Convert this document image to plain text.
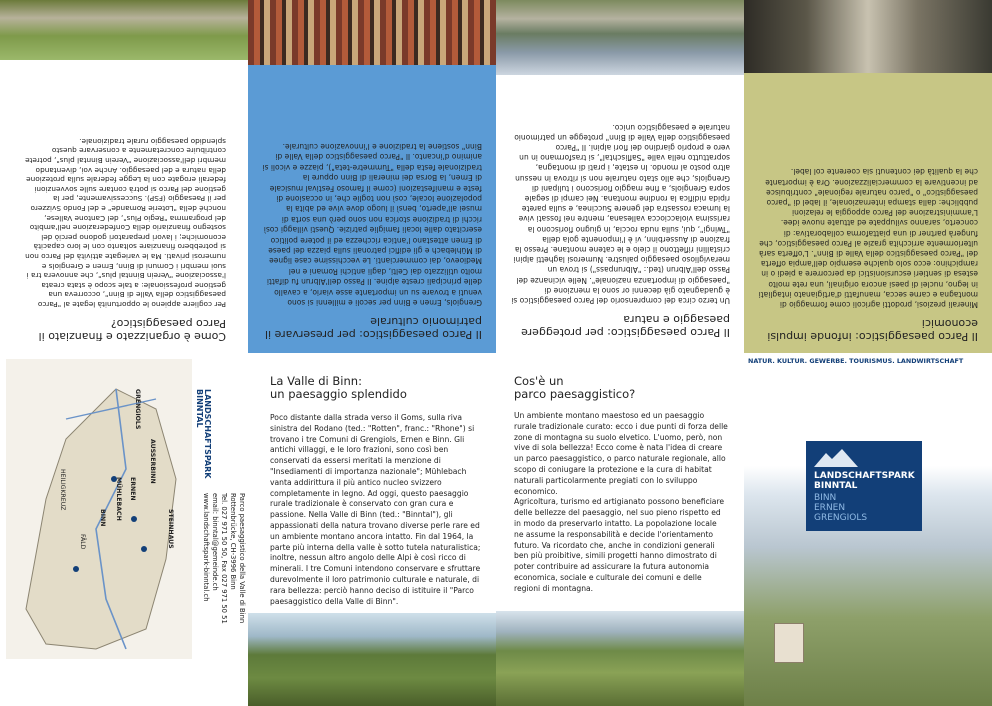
Come è organizzato e finanziato il Parco paesaggistico?
Per cogliere appieno le opportunità legate al "Parco paesaggistico della Valle di Binn", occorreva una gestione professionale: a tale scopo è stata creata l'associazione "Verein Binntal plus", che annovera tra i suoi membri i Comuni di Binn, Ernen e Grengiols e numerosi privati. Ma le variegate attività del Parco non si potrebbero finanziare soltanto con le loro capacità economiche; i lavori preparatori godono perciò del sostegno finanziario della Confederazione nell'ambito del programma "Regio Plus", del Cantone Vallese, nonché della "Loterie Romande" e del Fondo Svizzero per il Paesaggio (FSP). Successivamente, per la gestione del Parco si potrà contare sulle sovvenzioni federali erogate con la Legge federale sulla protezione della natura e del paesaggio. Anche voi, diventando membri dell'associazione "Verein Binntal plus", potrete contribuire concretamente a conservare questo splendido paesaggio rurale tradizionale.
LANDSCHAFTSPARK BINNTAL
GRENGIOLS
ERNEN
MÜHLEBACH
STEINHAUS
BINN
FÄLD
HEILIGKREUZ
AUSSERBINN
Parco paesaggistico della Valle di Binn
Rottenbrücke, CH-3996 Binn
Tel. 027 971 50 50, Fax 027 971 50 51
email: binntal@gemeinde.ch
www.landschaftspark-binntal.ch
Il Parco paesaggistico: per preservare il patrimonio culturale
Grengiols, Ernen e Binn per secoli e millenni si sono venuti a trovare su un importante asse viario, a cavallo delle principali creste alpine. Il Passo dell'Albrun fu difatti molto utilizzato dai Celti, dagli antichi Romani e nel Medioevo, dai commercianti. Le vecchissime case lignee di Mühlebach e gli edifici patronali sulla piazza del paese di Ernen attestano l'antica ricchezza ed il potere politico esercitato dalle locali famiglie patrizie. Questi villaggi così ricchi di tradizione storica non sono però una sorta di musei all'aperto, bensì il luogo dove vive ed abita la popolazione locale, così non toglie che, in occasione di feste e manifestazioni (come il famoso Festival musicale di Ernen, la Borsa dei minerali di Binn oppure la tradizionale festa della "Tummetre-teta"), piazze e vicoli si animino d'incanto. Il "Parco paesaggistico della Valle di Binn" sostiene la tradizione e l'innovazione culturale.
La Valle di Binn:
un paesaggio splendido
Poco distante dalla strada verso il Goms, sulla riva sinistra del Rodano (ted.: "Rotten", franc.: "Rhone") si trovano i tre Comuni di Grengiols, Ernen e Binn. Gli antichi villaggi, e le loro frazioni, sono così ben conservati da essersi meritati la menzione di "Insediamenti di importanza nazionale"; Mühlebach vanta addirittura il più antico nucleo svizzero completamente in legno. Ad oggi, questo paesaggio rurale tradizionale è conservato con gran cura e passione. Nella Valle di Binn (ted.: "Binntal"), gli appassionati della natura trovano diverse perle rare ed un ambiente montano ancora intatto. Fin dal 1964, la parte più interna della valle è sotto tutela naturalistica; inoltre, nessun altro angolo delle Alpi è così ricco di minerali. I tre Comuni intendono conservare e sfruttare durevolmente il loro patrimonio culturale e naturale, di rara bellezza: perciò hanno deciso di istituire il "Parco paesaggistico della Valle di Binn".
Il Parco paesaggistico: per proteggere paesaggio e natura
Un terzo circa del comprensorio del Parco paesaggistico si è guadagnato già decenni or sono la menzione di "paesaggio di importanza nazionale". Nelle vicinanze del Passo dell'Albrun (ted.: "Albrunpass") si trova un meraviglioso paesaggio palustre. Numerosi laghetti alpini cristallini riflettono il cielo e le catene montane. Presso la frazione di Ausserbinn, vi è l'imponente gola della "Twingi", qui, sulla nuda roccia, in giugno fioriscono la rarissima violacciocca vallesana, mentre nei fossati vive la lumaca rossastra del genere Succinea, e sulla parete ripida nidifica la rondine montana. Nei campi di segale sopra Grengiols, a fine maggio fioriscono i tulipani di Grengiols, che allo stato naturale non si ritrova in nessun altro posto al mondo. In estate, i prati di montagna, soprattutto nella valle "Saflischtal", si trasformano in un vero e proprio giardino dei fiori alpini. Il "Parco paesaggistico della Valle di Binn" protegge un patrimonio naturale e paesaggistico unico.
Cos'è un
parco paesaggistico?
Un ambiente montano maestoso ed un paesaggio rurale tradizionale curato: ecco i due punti di forza delle zone di montagna su suolo elvetico. L'uomo, però, non vive di sola bellezza! Ecco come è nata l'idea di creare un parco paesaggistico, o parco naturale regionale, allo scopo di coniugare la protezione e la cura di habitat naturali particolarmente pregiati con lo sviluppo economico.
Agricoltura, turismo ed artigianato possono beneficiare delle bellezze del paesaggio, nel suo pieno rispetto ed in modo da preservarlo intatto. La popolazione locale ne assume la responsabilità e decide l'orientamento futuro. Va ricordato che, anche in condizioni generali ben più proibitive, simili progetti hanno dimostrato di poter contribuire ad assicurare la futura autonomia economica, sociale e culturale dei comuni e delle regioni di montagna.
Il Parco paesaggistico: infonde impulsi economici
Minerali preziosi, prodotti agricoli come formaggio di montagna e carne secca, manufatti d'artigianato intagliati in legno, nuclei di paesi ancora originali, una rete molto estesa di sentieri escursionistici da percorrere a piedi o in rampichino: ecco solo qualche esempio dell'ampia offerta del "Parco paesaggistico della Valle di Binn". L'offerta sarà ulteriormente arricchita grazie al Parco paesaggistico, che fungerà partner di una piattaforma collaborativa: di concerto, saranno sviluppate ed attuate nuove idee. L'amministrazione del Parco appoggia le relazioni pubbliche: dalla stampa internazionale, il label di "parco paesaggistico" o "parco naturale regionale" contribuisce ad incentivare la commercializzazione. Ora è importante che la qualità dei contenuti sia coerente col label.
NATUR. KULTUR. GEWERBE. TOURISMUS. LANDWIRTSCHAFT
LANDSCHAFTSPARK
BINNTAL
BINN
ERNEN
GRENGIOLS
